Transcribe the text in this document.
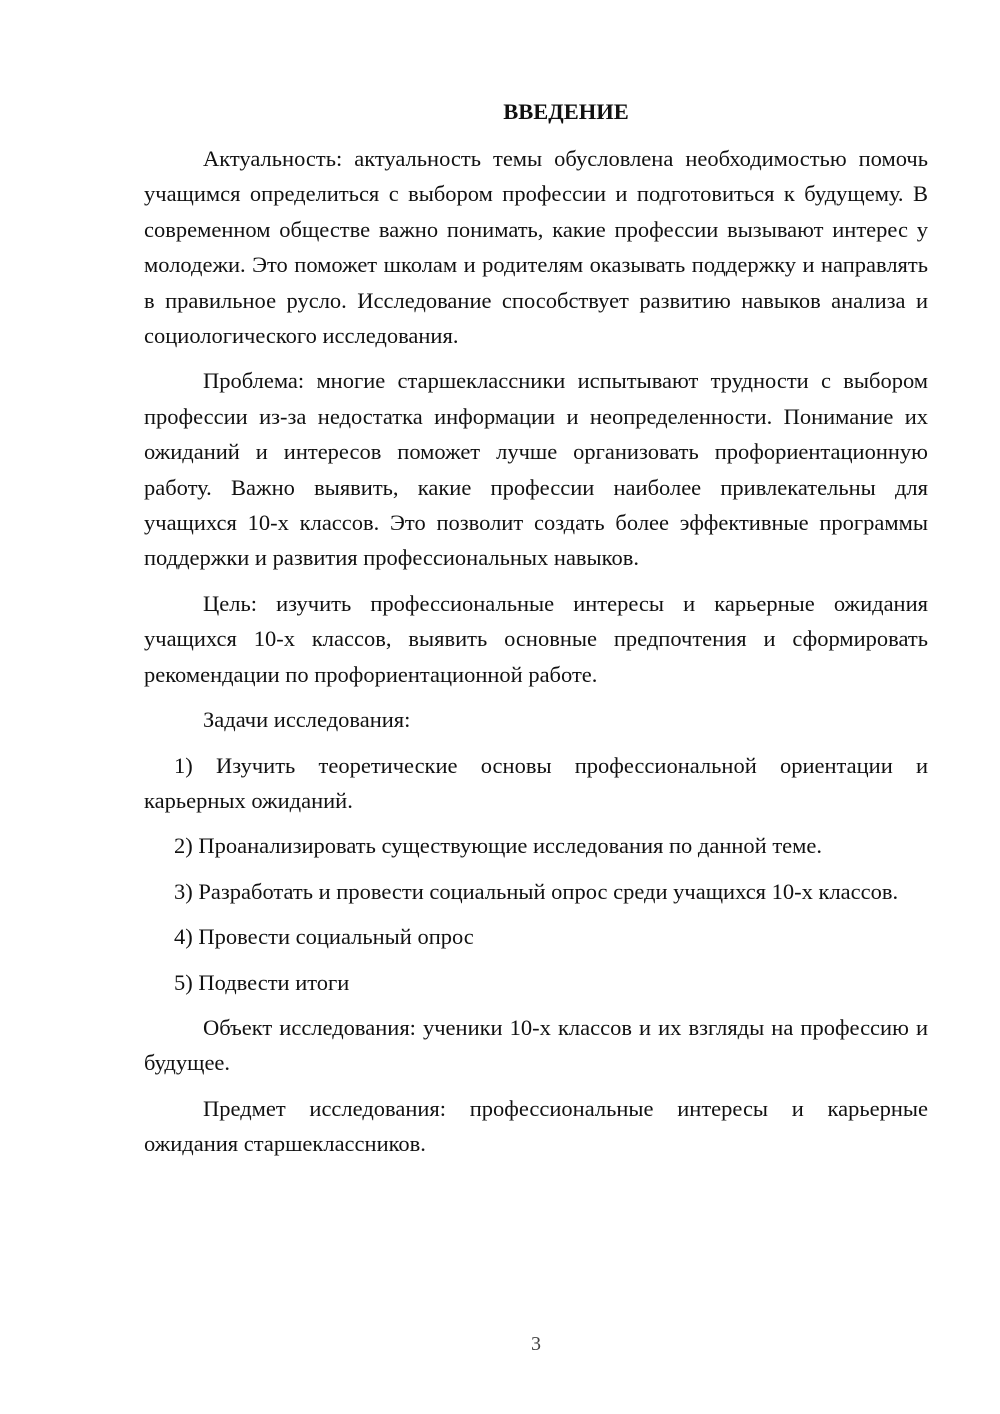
ВВЕДЕНИЕ

Актуальность: актуальность темы обусловлена необходимостью помочь учащимся определиться с выбором профессии и подготовиться к будущему. В современном обществе важно понимать, какие профессии вызывают интерес у молодежи. Это поможет школам и родителям оказывать поддержку и направлять в правильное русло. Исследование способствует развитию навыков анализа и социологического исследования.

Проблема: многие старшеклассники испытывают трудности с выбором профессии из-за недостатка информации и неопределенности. Понимание их ожиданий и интересов поможет лучше организовать профориентационную работу. Важно выявить, какие профессии наиболее привлекательны для учащихся 10-х классов. Это позволит создать более эффективные программы поддержки и развития профессиональных навыков.

Цель: изучить профессиональные интересы и карьерные ожидания учащихся 10-х классов, выявить основные предпочтения и сформировать рекомендации по профориентационной работе.

Задачи исследования:

1) Изучить теоретические основы профессиональной ориентации и карьерных ожиданий.

2) Проанализировать существующие исследования по данной теме.

3) Разработать и провести социальный опрос среди учащихся 10-х классов.

4) Провести социальный опрос

5) Подвести итоги

Объект исследования: ученики 10-х классов и их взгляды на профессию и будущее.

Предмет исследования: профессиональные интересы и карьерные ожидания старшеклассников.

3
